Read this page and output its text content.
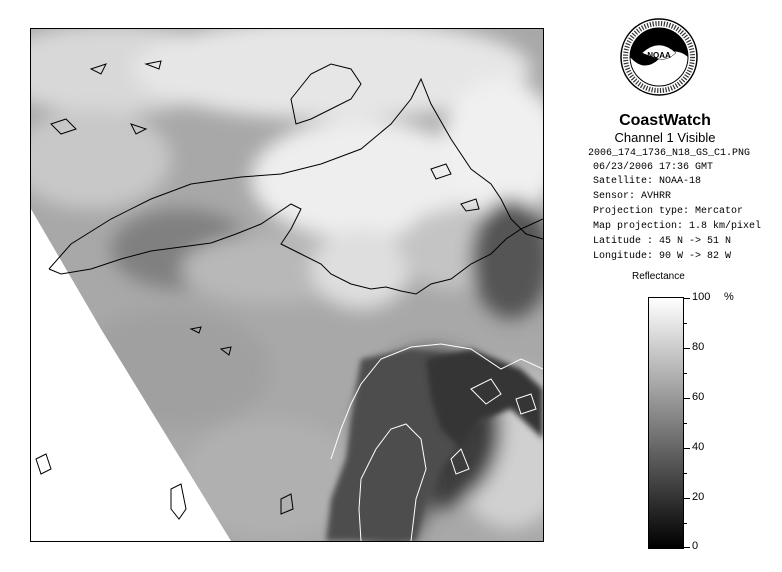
NOAA
CoastWatch
Channel 1 Visible
2006_174_1736_N18_GS_C1.PNG
06/23/2006 17:36 GMT
Satellite: NOAA-18
Sensor: AVHRR
Projection type: Mercator
Map projection: 1.8 km/pixel
Latitude : 45 N -> 51 N
Longitude: 90 W -> 82 W
Reflectance
%
100
80
60
40
20
0
